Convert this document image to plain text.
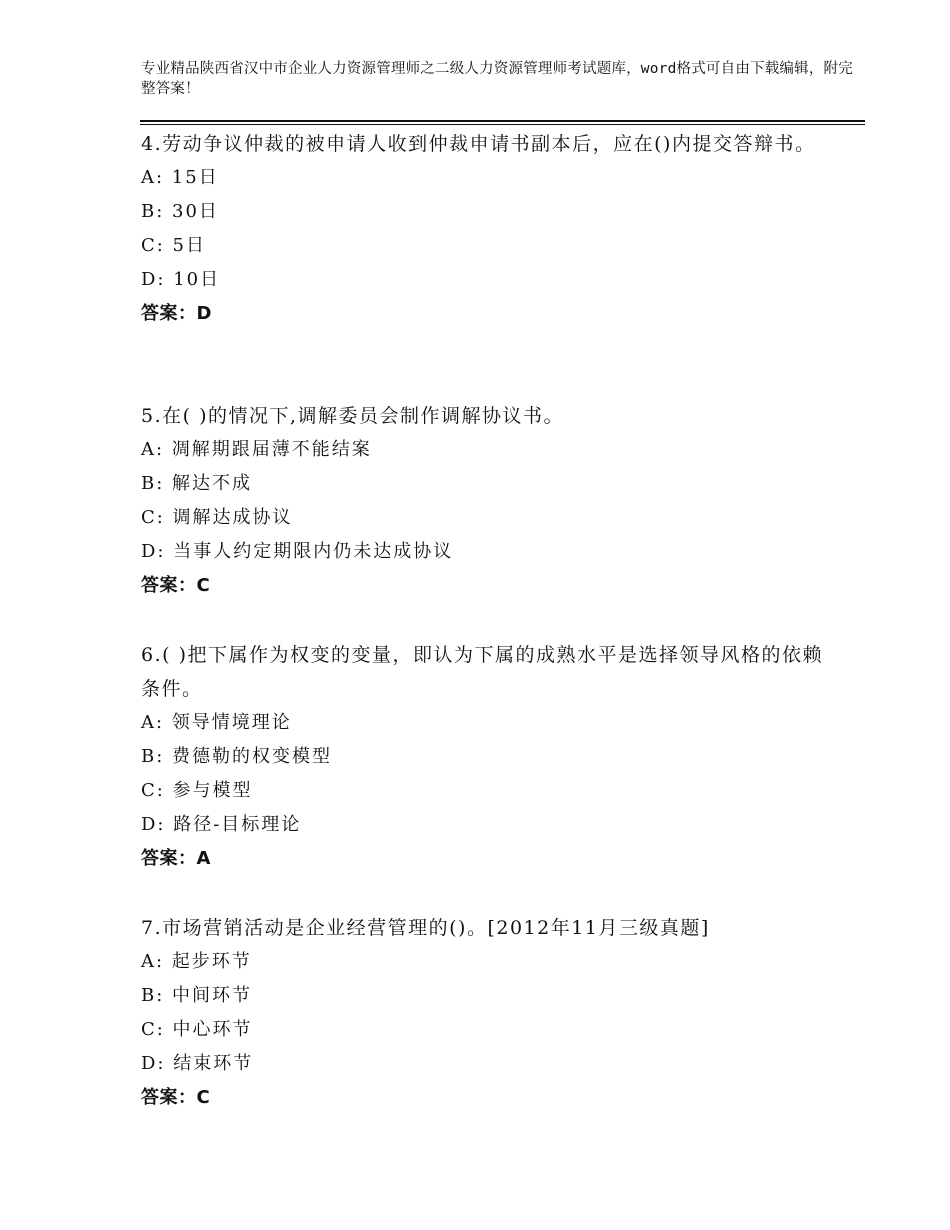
专业精品陕西省汉中市企业人力资源管理师之二级人力资源管理师考试题库，word格式可自由下载编辑，附完整答案！

4.劳动争议仲裁的被申请人收到仲裁申请书副本后，应在()内提交答辩书。

A: 15日

B: 30日

C: 5日

D: 10日

答案：D

5.在( )的情况下,调解委员会制作调解协议书。

A: 凋解期跟届薄不能结案

B: 解达不成

C: 调解达成协议

D: 当事人约定期限内仍未达成协议

答案：C

6.( )把下属作为权变的变量，即认为下属的成熟水平是选择领导风格的依赖条件。

A: 领导情境理论

B: 费德勒的权变模型

C: 参与模型

D: 路径-目标理论

答案：A

7.市场营销活动是企业经营管理的()。[2012年11月三级真题]

A: 起步环节

B: 中间环节

C: 中心环节

D: 结束环节

答案：C
